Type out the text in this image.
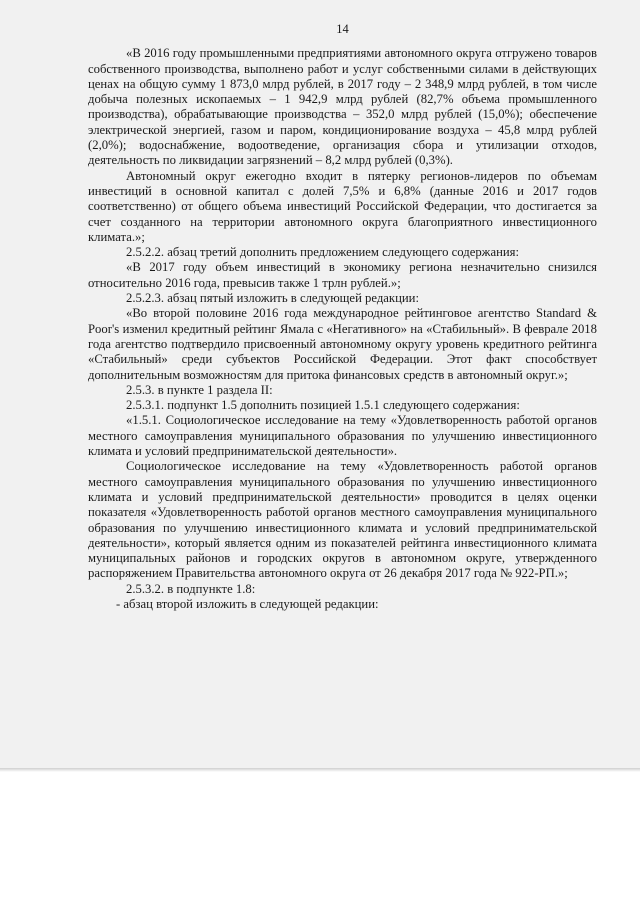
14

«В 2016 году промышленными предприятиями автономного округа отгружено товаров собственного производства, выполнено работ и услуг собственными силами в действующих ценах на общую сумму 1 873,0 млрд рублей, в 2017 году – 2 348,9 млрд рублей, в том числе добыча полезных ископаемых – 1 942,9 млрд рублей (82,7% объема промышленного производства), обрабатывающие производства – 352,0 млрд рублей (15,0%); обеспечение электрической энергией, газом и паром, кондиционирование воздуха – 45,8 млрд рублей (2,0%); водоснабжение, водоотведение, организация сбора и утилизации отходов, деятельность по ликвидации загрязнений – 8,2 млрд рублей (0,3%).

Автономный округ ежегодно входит в пятерку регионов-лидеров по объемам инвестиций в основной капитал с долей 7,5% и 6,8% (данные 2016 и 2017 годов соответственно) от общего объема инвестиций Российской Федерации, что достигается за счет созданного на территории автономного округа благоприятного инвестиционного климата.»;

2.5.2.2. абзац третий дополнить предложением следующего содержания:

«В 2017 году объем инвестиций в экономику региона незначительно снизился относительно 2016 года, превысив также 1 трлн рублей.»;

2.5.2.3. абзац пятый изложить в следующей редакции:

«Во второй половине 2016 года международное рейтинговое агентство Standard & Poor's изменил кредитный рейтинг Ямала с «Негативного» на «Стабильный». В феврале 2018 года агентство подтвердило присвоенный автономному округу уровень кредитного рейтинга «Стабильный» среди субъектов Российской Федерации. Этот факт способствует дополнительным возможностям для притока финансовых средств в автономный округ.»;

2.5.3. в пункте 1 раздела II:

2.5.3.1. подпункт 1.5 дополнить позицией 1.5.1 следующего содержания:

«1.5.1. Социологическое исследование на тему «Удовлетворенность работой органов местного самоуправления муниципального образования по улучшению инвестиционного климата и условий предпринимательской деятельности».

Социологическое исследование на тему «Удовлетворенность работой органов местного самоуправления муниципального образования по улучшению инвестиционного климата и условий предпринимательской деятельности» проводится в целях оценки показателя «Удовлетворенность работой органов местного самоуправления муниципального образования по улучшению инвестиционного климата и условий предпринимательской деятельности», который является одним из показателей рейтинга инвестиционного климата муниципальных районов и городских округов в автономном округе, утвержденного распоряжением Правительства автономного округа от 26 декабря 2017 года № 922-РП.»;

2.5.3.2. в подпункте 1.8:

- абзац второй изложить в следующей редакции:
